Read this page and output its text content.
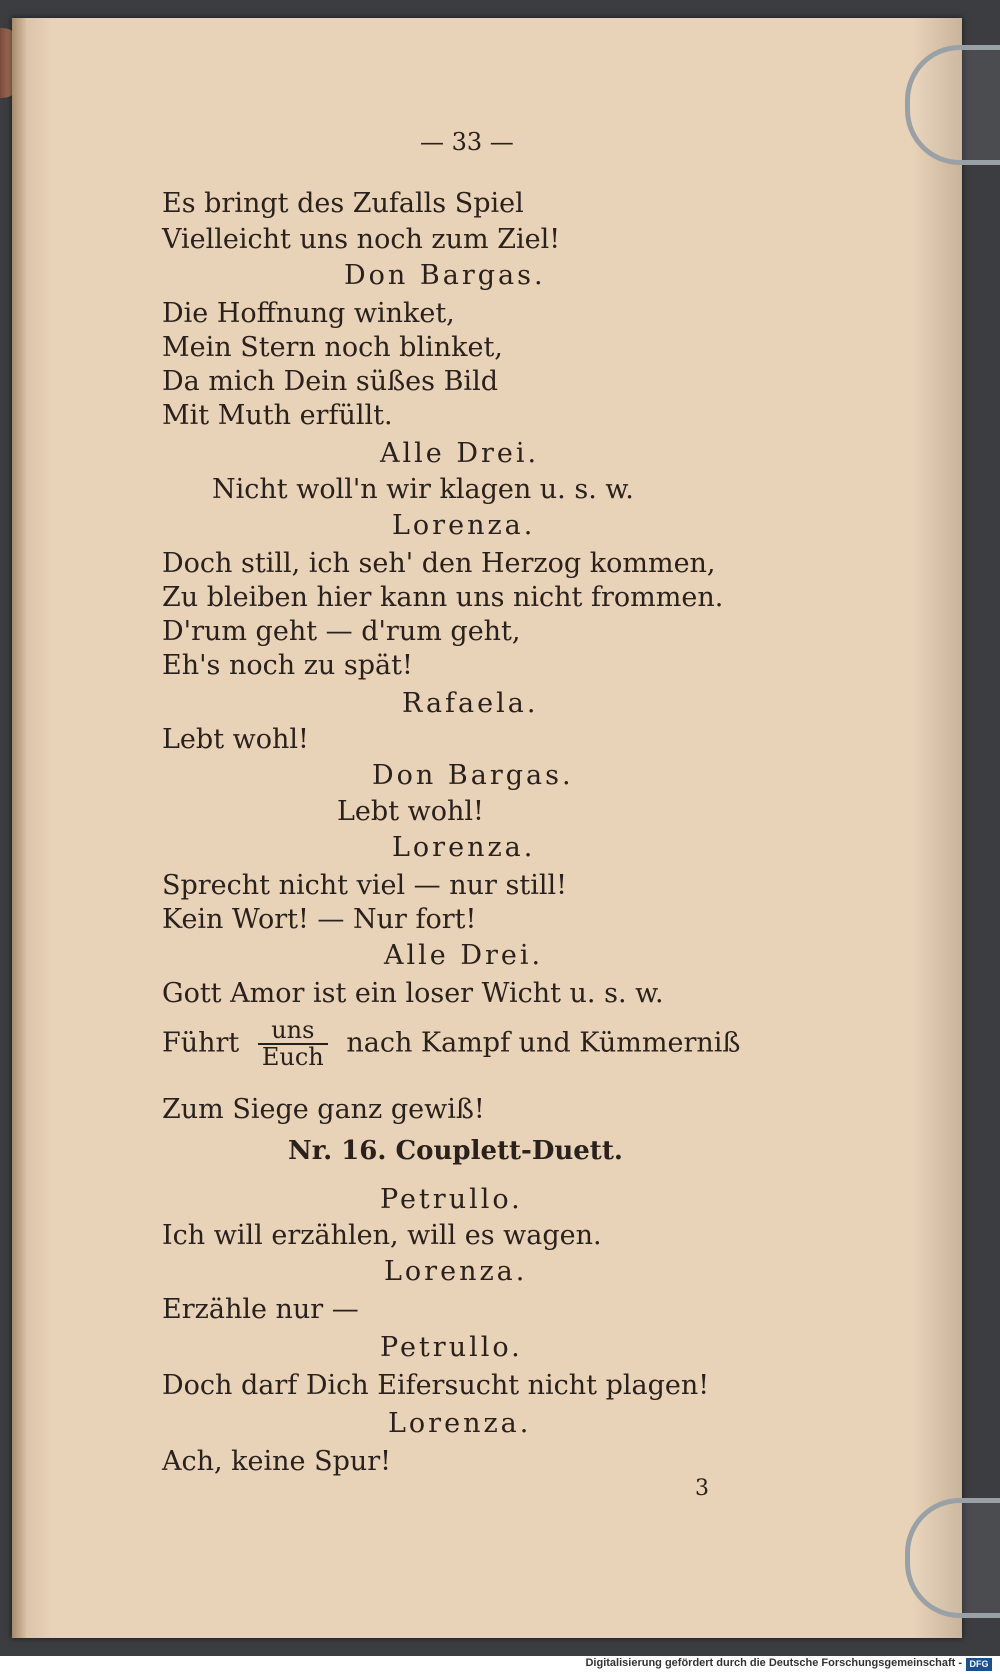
— 33 —
Es bringt des Zufalls Spiel
Vielleicht uns noch zum Ziel!
Don Bargas.
Die Hoffnung winket,
Mein Stern noch blinket,
Da mich Dein süßes Bild
Mit Muth erfüllt.
Alle Drei.
Nicht woll'n wir klagen u. s. w.
Lorenza.
Doch still, ich seh' den Herzog kommen,
Zu bleiben hier kann uns nicht frommen.
D'rum geht — d'rum geht,
Eh's noch zu spät!
Rafaela.
Lebt wohl!
Don Bargas.
Lebt wohl!
Lorenza.
Sprecht nicht viel — nur still!
Kein Wort! — Nur fort!
Alle Drei.
Gott Amor ist ein loser Wicht u. s. w.
Führt $\frac{\text{uns}}{\text{Euch}}$ nach Kampf und Kümmerniß
Zum Siege ganz gewiß!
Nr. 16. Couplett-Duett.
Petrullo.
Ich will erzählen, will es wagen.
Lorenza.
Erzähle nur —
Petrullo.
Doch darf Dich Eifersucht nicht plagen!
Lorenza.
Ach, keine Spur!
3
Digitalisierung gefördert durch die Deutsche Forschungsgemeinschaft - DFG
